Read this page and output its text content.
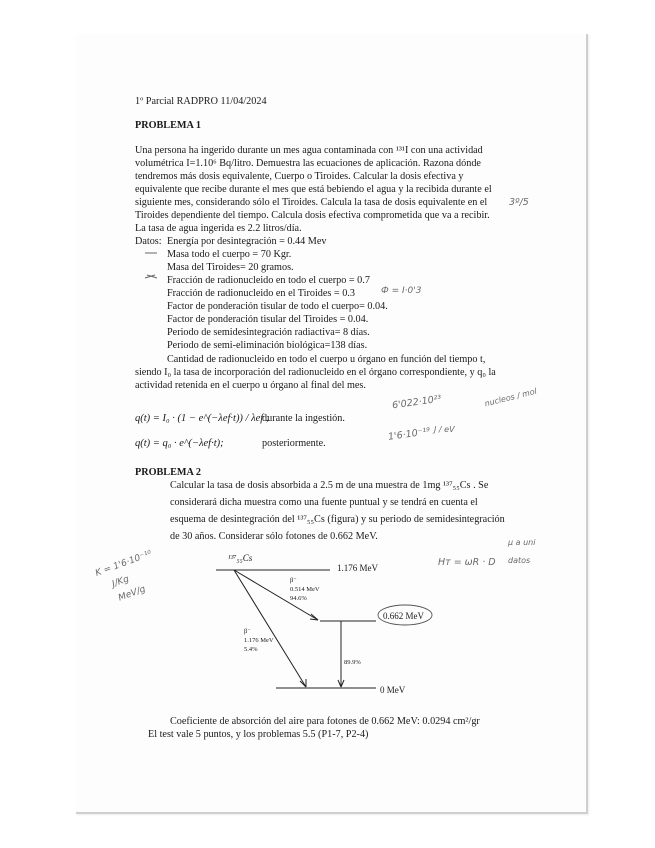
1º Parcial RADPRO 11/04/2024
PROBLEMA 1
Una persona ha ingerido durante un mes agua contaminada con ¹³¹I con una actividad
volumétrica I=1.10⁶ Bq/litro. Demuestra las ecuaciones de aplicación. Razona dónde
tendremos más dosis equivalente, Cuerpo o Tiroides. Calcular la dosis efectiva y
equivalente que recibe durante el mes que está bebiendo el agua y la recibida durante el
siguiente mes, considerando sólo el Tiroides. Calcula la tasa de dosis equivalente en el
Tiroides dependiente del tiempo. Calcula dosis efectiva comprometida que va a recibir.
La tasa de agua ingerida es 2.2 litros/día.
Datos: Energía por desintegración = 0.44 Mev
Masa todo el cuerpo = 70 Kgr.
Masa del Tiroides= 20 gramos.
Fracción de radionucleido en todo el cuerpo = 0.7
Fracción de radionucleido en el Tiroides = 0.3
Factor de ponderación tisular de todo el cuerpo= 0.04.
Factor de ponderación tisular del Tiroides = 0.04.
Periodo de semidesintegración radiactiva= 8 días.
Periodo de semi-eliminación biológica=138 días.
Cantidad de radionucleido en todo el cuerpo u órgano en función del tiempo t,
siendo I₀ la tasa de incorporación del radionucleido en el órgano correspondiente, y q₀ la
actividad retenida en el cuerpo u órgano al final del mes.
q(t) = I₀ · (1 − e^(−λef·t)) / λef ;
durante la ingestión.
q(t) = q₀ · e^(−λef·t);	posteriormente.
PROBLEMA 2
Calcular la tasa de dosis absorbida a 2.5 m de una muestra de 1mg ¹³⁷₅₅Cs . Se
considerará dicha muestra como una fuente puntual y se tendrá en cuenta el
esquema de desintegración del ¹³⁷₅₅Cs (figura) y su periodo de semidesintegración
de 30 años. Considerar sólo fotones de 0.662 MeV.
¹³⁷₅₅Cs
1.176 MeV
0.662 MeV
0 MeV
β⁻
0.514 MeV
94.6%
β⁻
1.176 MeV
5.4%
89.9%
Coeficiente de absorción del aire para fotones de 0.662 MeV: 0.0294 cm²/gr
El test vale 5 puntos, y los problemas 5.5 (P1-7, P2-4)
3º/5
Ф = I·0'3
6'022·10²³	nucleos / mol
1'6·10⁻¹⁹ J / eV
K = 1'6·10⁻¹⁰
J/Kg
MeV/g
Hт = ωR · D
μ a uni
datos
